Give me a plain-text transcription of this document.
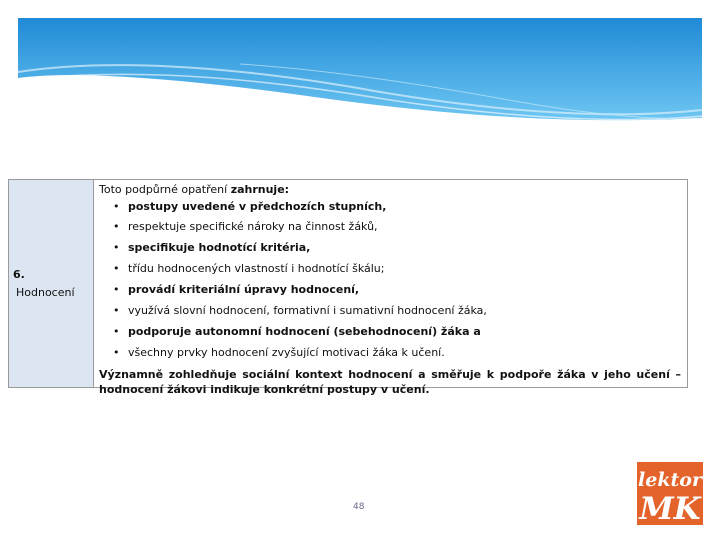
6.
Hodnocení

Toto podpůrné opatření zahrnuje:

• postupy uvedené v předchozích stupních,
• respektuje specifické nároky na činnost žáků,
• specifikuje hodnotící kritéria,
• třídu hodnocených vlastností i hodnotící škálu;
• provádí kriteriální úpravy hodnocení,
• využívá slovní hodnocení, formativní i sumativní hodnocení žáka,
• podporuje autonomní hodnocení (sebehodnocení) žáka a
• všechny prvky hodnocení zvyšující motivaci žáka k učení.

Významně zohledňuje sociální kontext hodnocení a směřuje k podpoře žáka v jeho učení – hodnocení žákovi indikuje konkrétní postupy v učení.

48
lektor
MK
